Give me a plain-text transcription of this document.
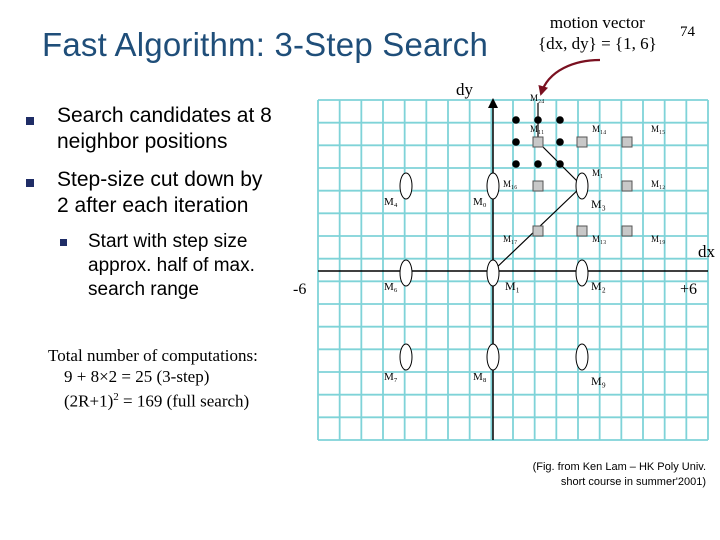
Fast Algorithm: 3-Step Search	74
motion vector
{dx, dy} = {1, 6}
Search candidates at 8
neighbor positions
Step-size cut down by
2 after each iteration
Start with step size
approx. half of max.
search range
Total number of computations:
9 + 8×2 = 25 (3-step)
$(2R+1)^2 = 169$ (full search)
(Fig. from Ken Lam – HK Poly Univ.
short course in summer'2001)
dy
dx
-6	+6
M₄	M₀	M₃
M₆	M₁	M₂
M₇	M₈	M₉
M₂₄
M₁₁	M₁₄	M₁₅
M₁
M₁₆	M₁₂
M₁₇	M₁₃	M₁₉
